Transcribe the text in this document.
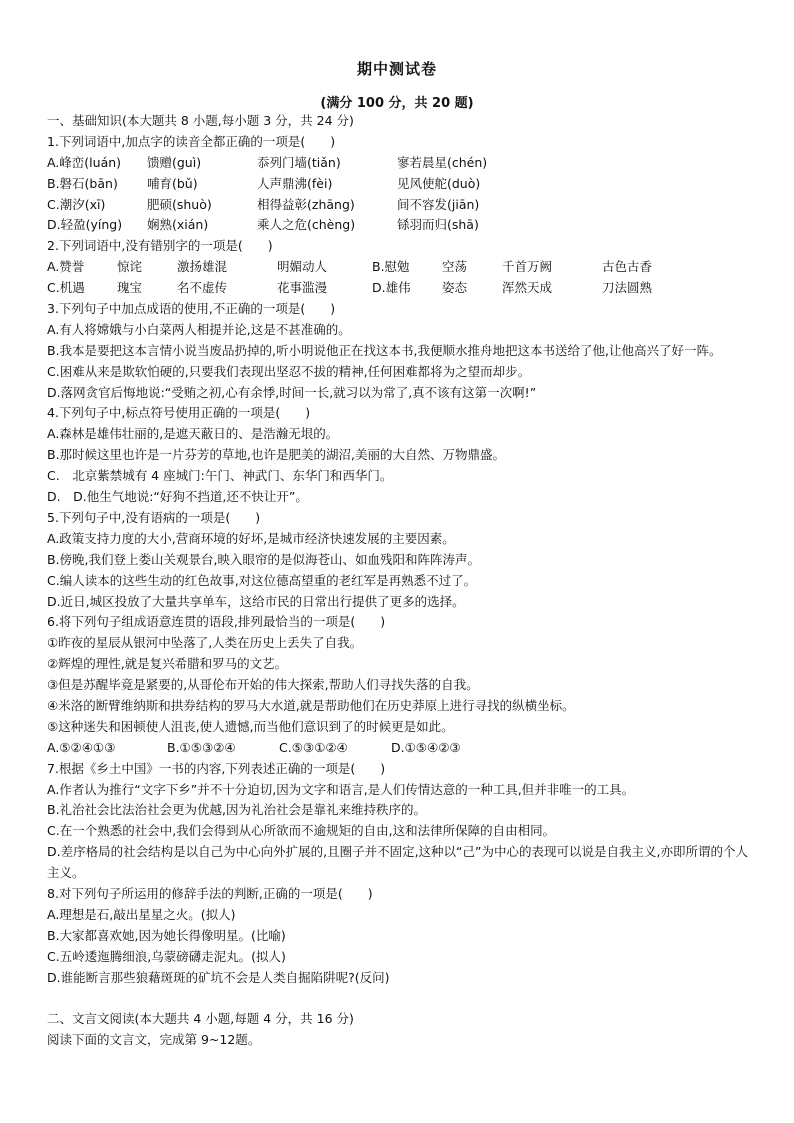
期中测试卷
(满分 100 分，共 20 题)
一、基础知识(本大题共 8 小题,每小题 3 分，共 24 分)
1.下列词语中,加点字的读音全都正确的一项是(　　)
A.峰峦(luán)	馈赠(guì)	忝列门墙(tiǎn)	寥若晨星(chén)
B.磐石(bān)	哺育(bǔ)	人声鼎沸(fèi)	见风使舵(duò)
C.潮汐(xī)	肥硕(shuò)	相得益彰(zhāng)	间不容发(jiān)
D.轻盈(yíng)	娴熟(xián)	乘人之危(chèng)	铩羽而归(shā)
2.下列词语中,没有错别字的一项是(　　)
A.赞誉	惊诧	激扬雄混	明媚动人	B.慰勉	空荡	千首万阙	古色古香
C.机遇	瑰宝	名不虚传	花事滥漫	D.雄伟	姿态	浑然天成	刀法圆熟
3.下列句子中加点成语的使用,不正确的一项是(　　)
A.有人将嫦娥与小白菜两人相提并论,这是不甚准确的。
B.我本是要把这本言情小说当废品扔掉的,听小明说他正在找这本书,我便顺水推舟地把这本书送给了他,让他高兴了好一阵。
C.困难从来是欺软怕硬的,只要我们表现出坚忍不拔的精神,任何困难都将为之望而却步。
D.落网贪官后悔地说:“受贿之初,心有余悸,时间一长,就习以为常了,真不该有这第一次啊!”
4.下列句子中,标点符号使用正确的一项是(　　)
A.森林是雄伟壮丽的,是遮天蔽日的、是浩瀚无垠的。
B.那时候这里也许是一片芬芳的草地,也许是肥美的湖沼,美丽的大自然、万物鼎盛。
C.　北京紫禁城有 4 座城门:午门、神武门、东华门和西华门。
D.　D.他生气地说:“好狗不挡道,还不快让开”。
5.下列句子中,没有语病的一项是(　　)
A.政策支持力度的大小,营商环境的好坏,是城市经济快速发展的主要因素。
B.傍晚,我们登上娄山关观景台,映入眼帘的是似海苍山、如血残阳和阵阵涛声。
C.编人读本的这些生动的红色故事,对这位德高望重的老红军是再熟悉不过了。
D.近日,城区投放了大量共享单车，这给市民的日常出行提供了更多的选择。
6.将下列句子组成语意连贯的语段,排列最恰当的一项是(　　)
①昨夜的星辰从银河中坠落了,人类在历史上丢失了自我。
②辉煌的理性,就是复兴希腊和罗马的文艺。
③但是苏醒毕竟是紧要的,从哥伦布开始的伟大探索,帮助人们寻找失落的自我。
④米洛的断臂维纳斯和拱券结构的罗马大水道,就是帮助他们在历史莽原上进行寻找的纵横坐标。
⑤这种迷失和困顿使人沮丧,使人遗憾,而当他们意识到了的时候更是如此。
A.⑤②④①③	B.①⑤③②④	C.⑤③①②④	D.①⑤④②③
7.根据《乡土中国》一书的内容,下列表述正确的一项是(　　)
A.作者认为推行“文字下乡”并不十分迫切,因为文字和语言,是人们传情达意的一种工具,但并非唯一的工具。
B.礼治社会比法治社会更为优越,因为礼治社会是靠礼来维持秩序的。
C.在一个熟悉的社会中,我们会得到从心所欲而不逾规矩的自由,这和法律所保障的自由相同。
D.差序格局的社会结构是以自己为中心向外扩展的,且圈子并不固定,这种以“己”为中心的表现可以说是自我主义,亦即所谓的个人主义。
8.对下列句子所运用的修辞手法的判断,正确的一项是(　　)
A.理想是石,敲出星星之火。(拟人)
B.大家都喜欢她,因为她长得像明星。(比喻)
C.五岭逶迤腾细浪,乌蒙磅礴走泥丸。(拟人)
D.谁能断言那些狼藉斑斑的矿坑不会是人类自掘陷阱呢?(反问)
二、文言文阅读(本大题共 4 小题,每题 4 分，共 16 分)
阅读下面的文言文，完成第 9~12题。
